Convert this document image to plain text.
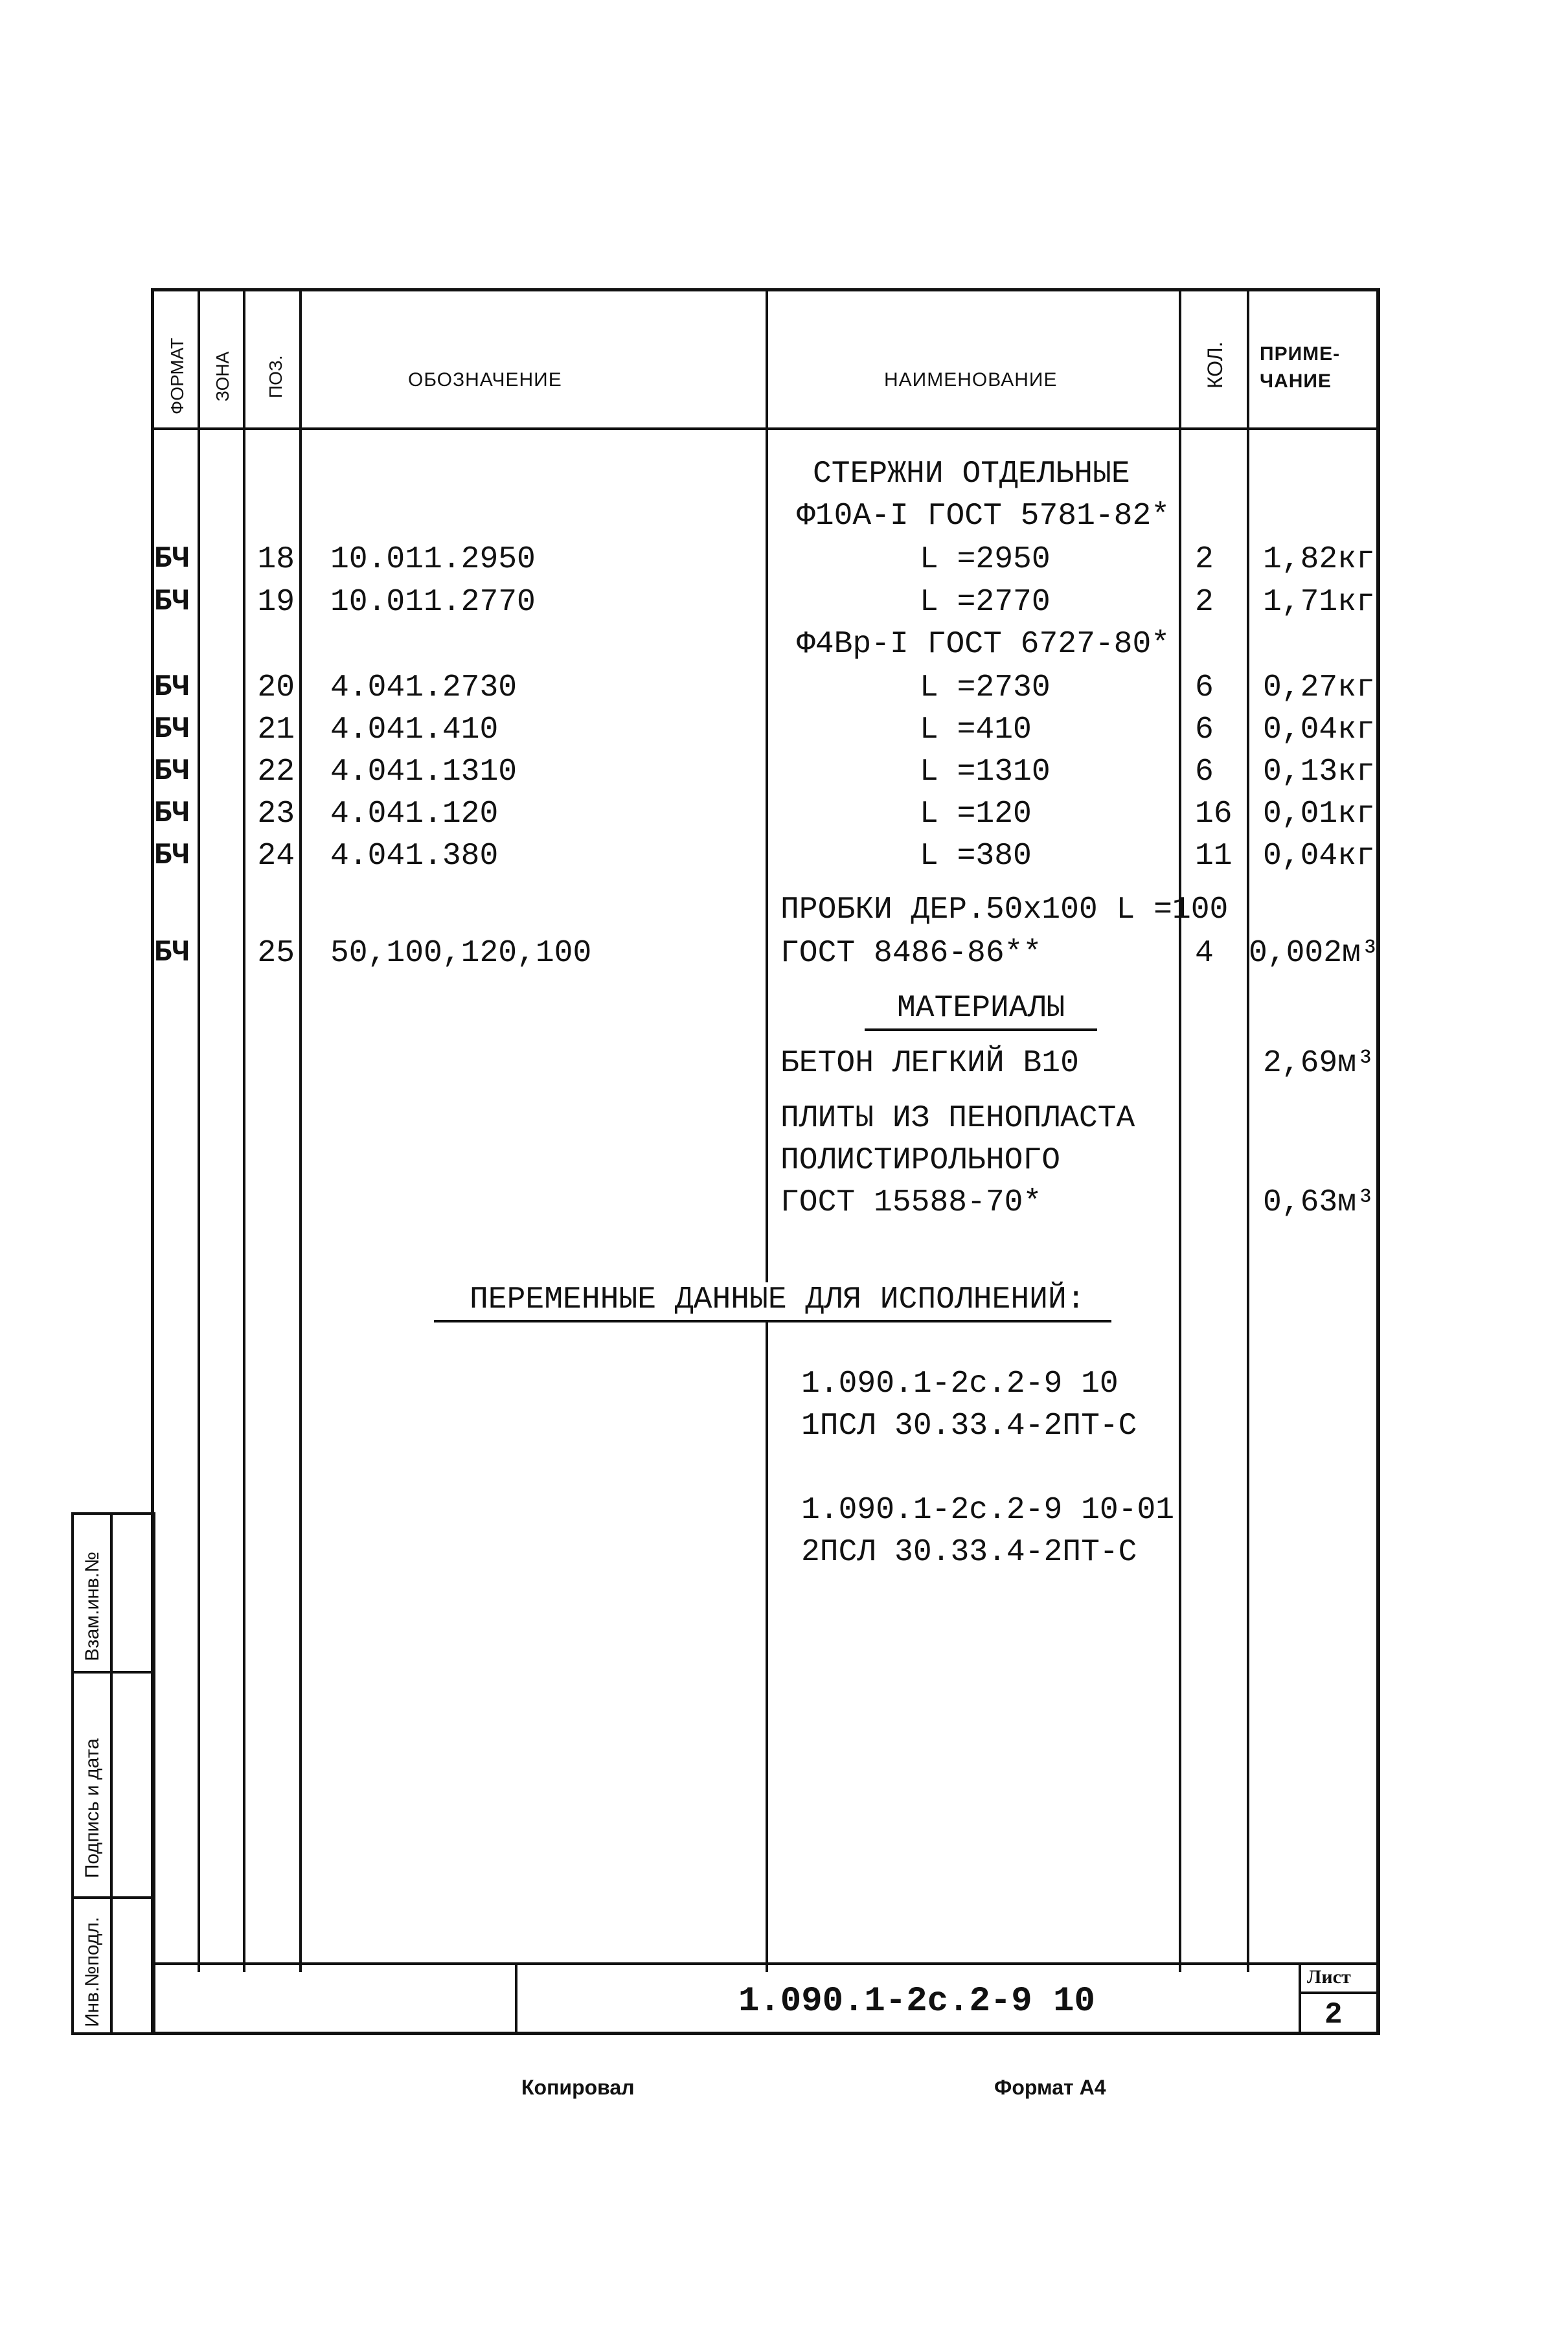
ФОРМАТ ЗОНА ПОЗ.	ОБОЗНАЧЕНИЕ	НАИМЕНОВАНИЕ	КОЛ. ПРИМЕ-
ЧАНИЕ
СТЕРЖНИ ОТДЕЛЬНЫЕ
Ф10А-I ГОСТ 5781-82*
БЧ 18 10.011.2950	L =2950	2 1,82кг
БЧ 19 10.011.2770	L =2770	2 1,71кг
Ф4Вр-I ГОСТ 6727-80*
БЧ 20 4.041.2730	L =2730	6 0,27кг
БЧ 21 4.041.410	L =410	6 0,04кг
БЧ 22 4.041.1310	L =1310	6 0,13кг
БЧ 23 4.041.120	L =120	16 0,01кг
БЧ 24 4.041.380	L =380	11 0,04кг
ПРОБКИ ДЕР.50х100 L =100
БЧ 25 50,100,120,100	ГОСТ 8486-86**	4 0,002м³
МАТЕРИАЛЫ
БЕТОН ЛЕГКИЙ В10	2,69м³
ПЛИТЫ ИЗ ПЕНОПЛАСТА
ПОЛИСТИРОЛЬНОГО
ГОСТ 15588-70*	0,63м³
ПЕРЕМЕННЫЕ ДАННЫЕ ДЛЯ ИСПОЛНЕНИЙ:
1.090.1-2с.2-9 10
1ПСЛ 30.33.4-2ПТ-С
1.090.1-2с.2-9 10-01
2ПСЛ 30.33.4-2ПТ-С
1.090.1-2с.2-9 10
Лист
2
Взам.инв.№
Подпись и дата
Инв.№подл.
Копировал	Формат А4
